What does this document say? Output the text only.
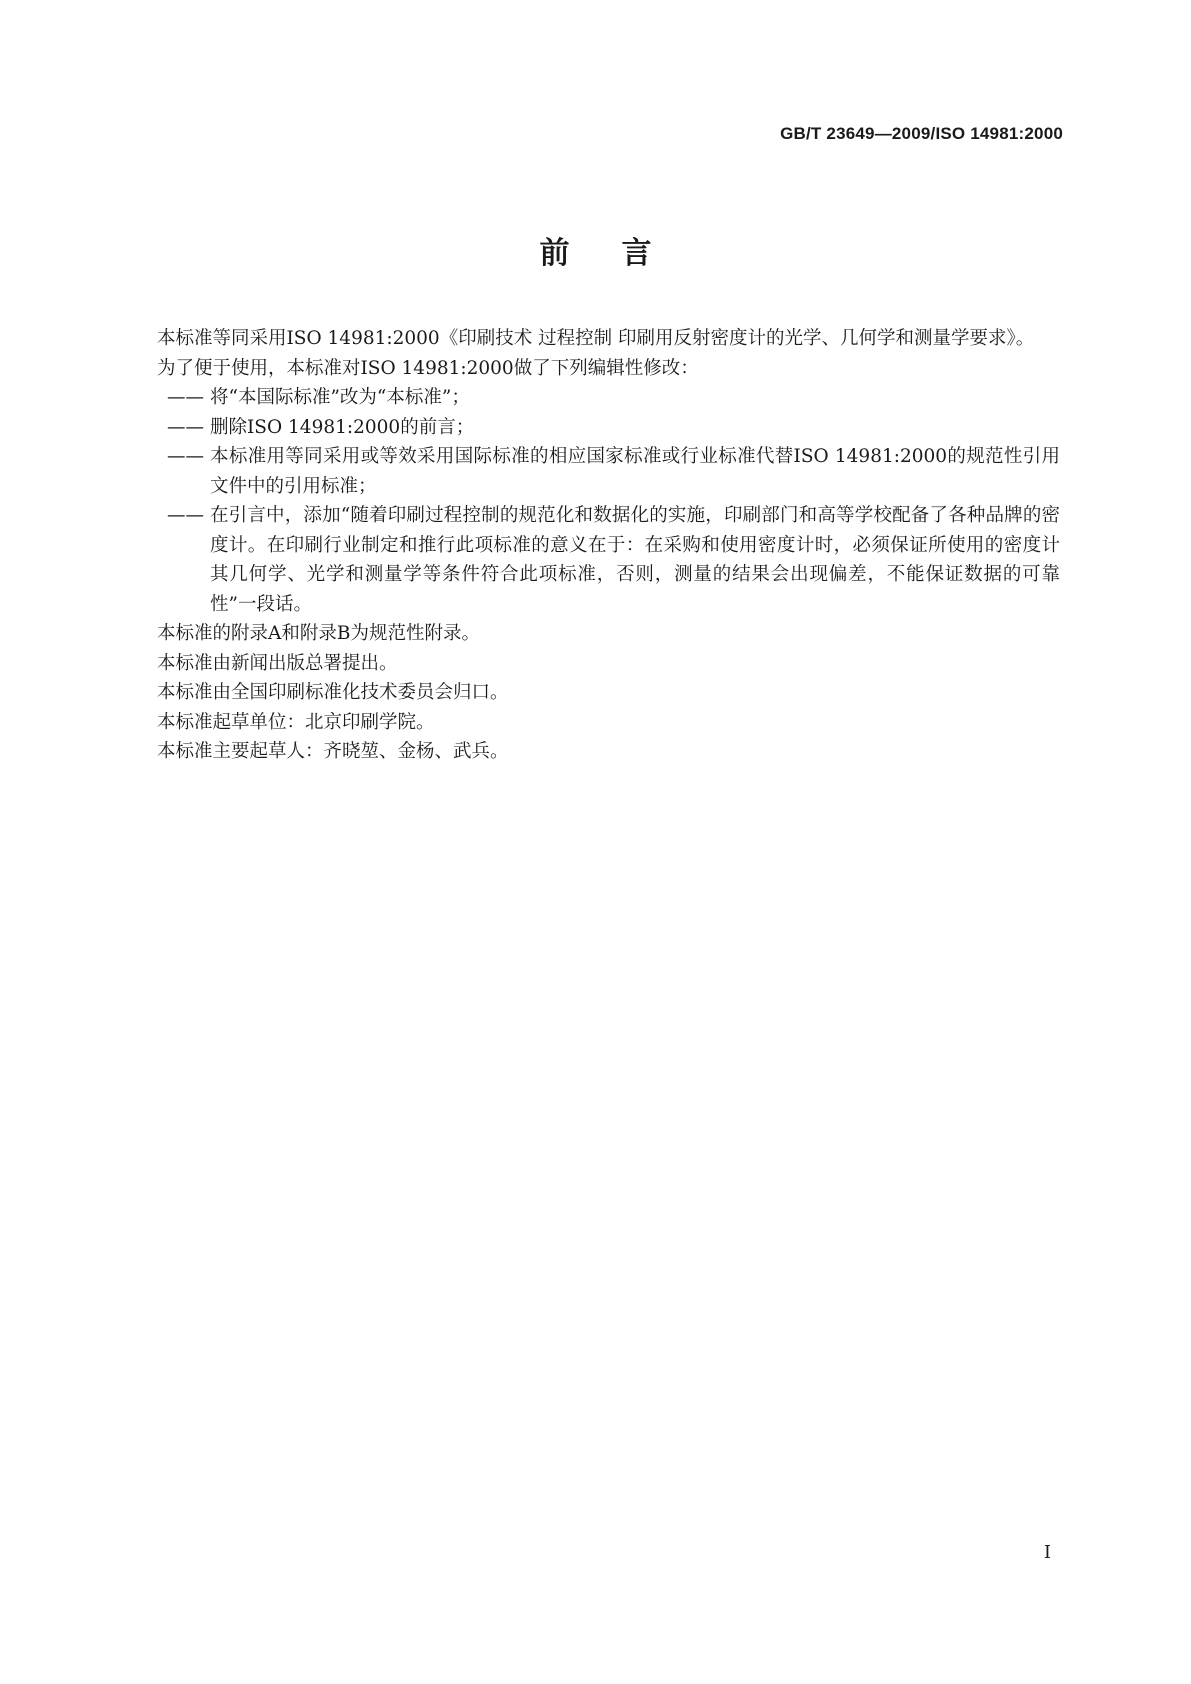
GB/T 23649—2009/ISO 14981:2000
前言

本标准等同采用ISO 14981:2000《印刷技术 过程控制 印刷用反射密度计的光学、几何学和测量学要求》。

为了便于使用，本标准对ISO 14981:2000做了下列编辑性修改：

—— 将“本国际标准”改为“本标准”；
—— 删除ISO 14981:2000的前言；
—— 本标准用等同采用或等效采用国际标准的相应国家标准或行业标准代替ISO 14981:2000的规范性引用文件中的引用标准；
—— 在引言中，添加“随着印刷过程控制的规范化和数据化的实施，印刷部门和高等学校配备了各种品牌的密度计。在印刷行业制定和推行此项标准的意义在于：在采购和使用密度计时，必须保证所使用的密度计其几何学、光学和测量学等条件符合此项标准，否则，测量的结果会出现偏差，不能保证数据的可靠性”一段话。

本标准的附录A和附录B为规范性附录。

本标准由新闻出版总署提出。

本标准由全国印刷标准化技术委员会归口。

本标准起草单位：北京印刷学院。

本标准主要起草人：齐晓堃、金杨、武兵。

I
